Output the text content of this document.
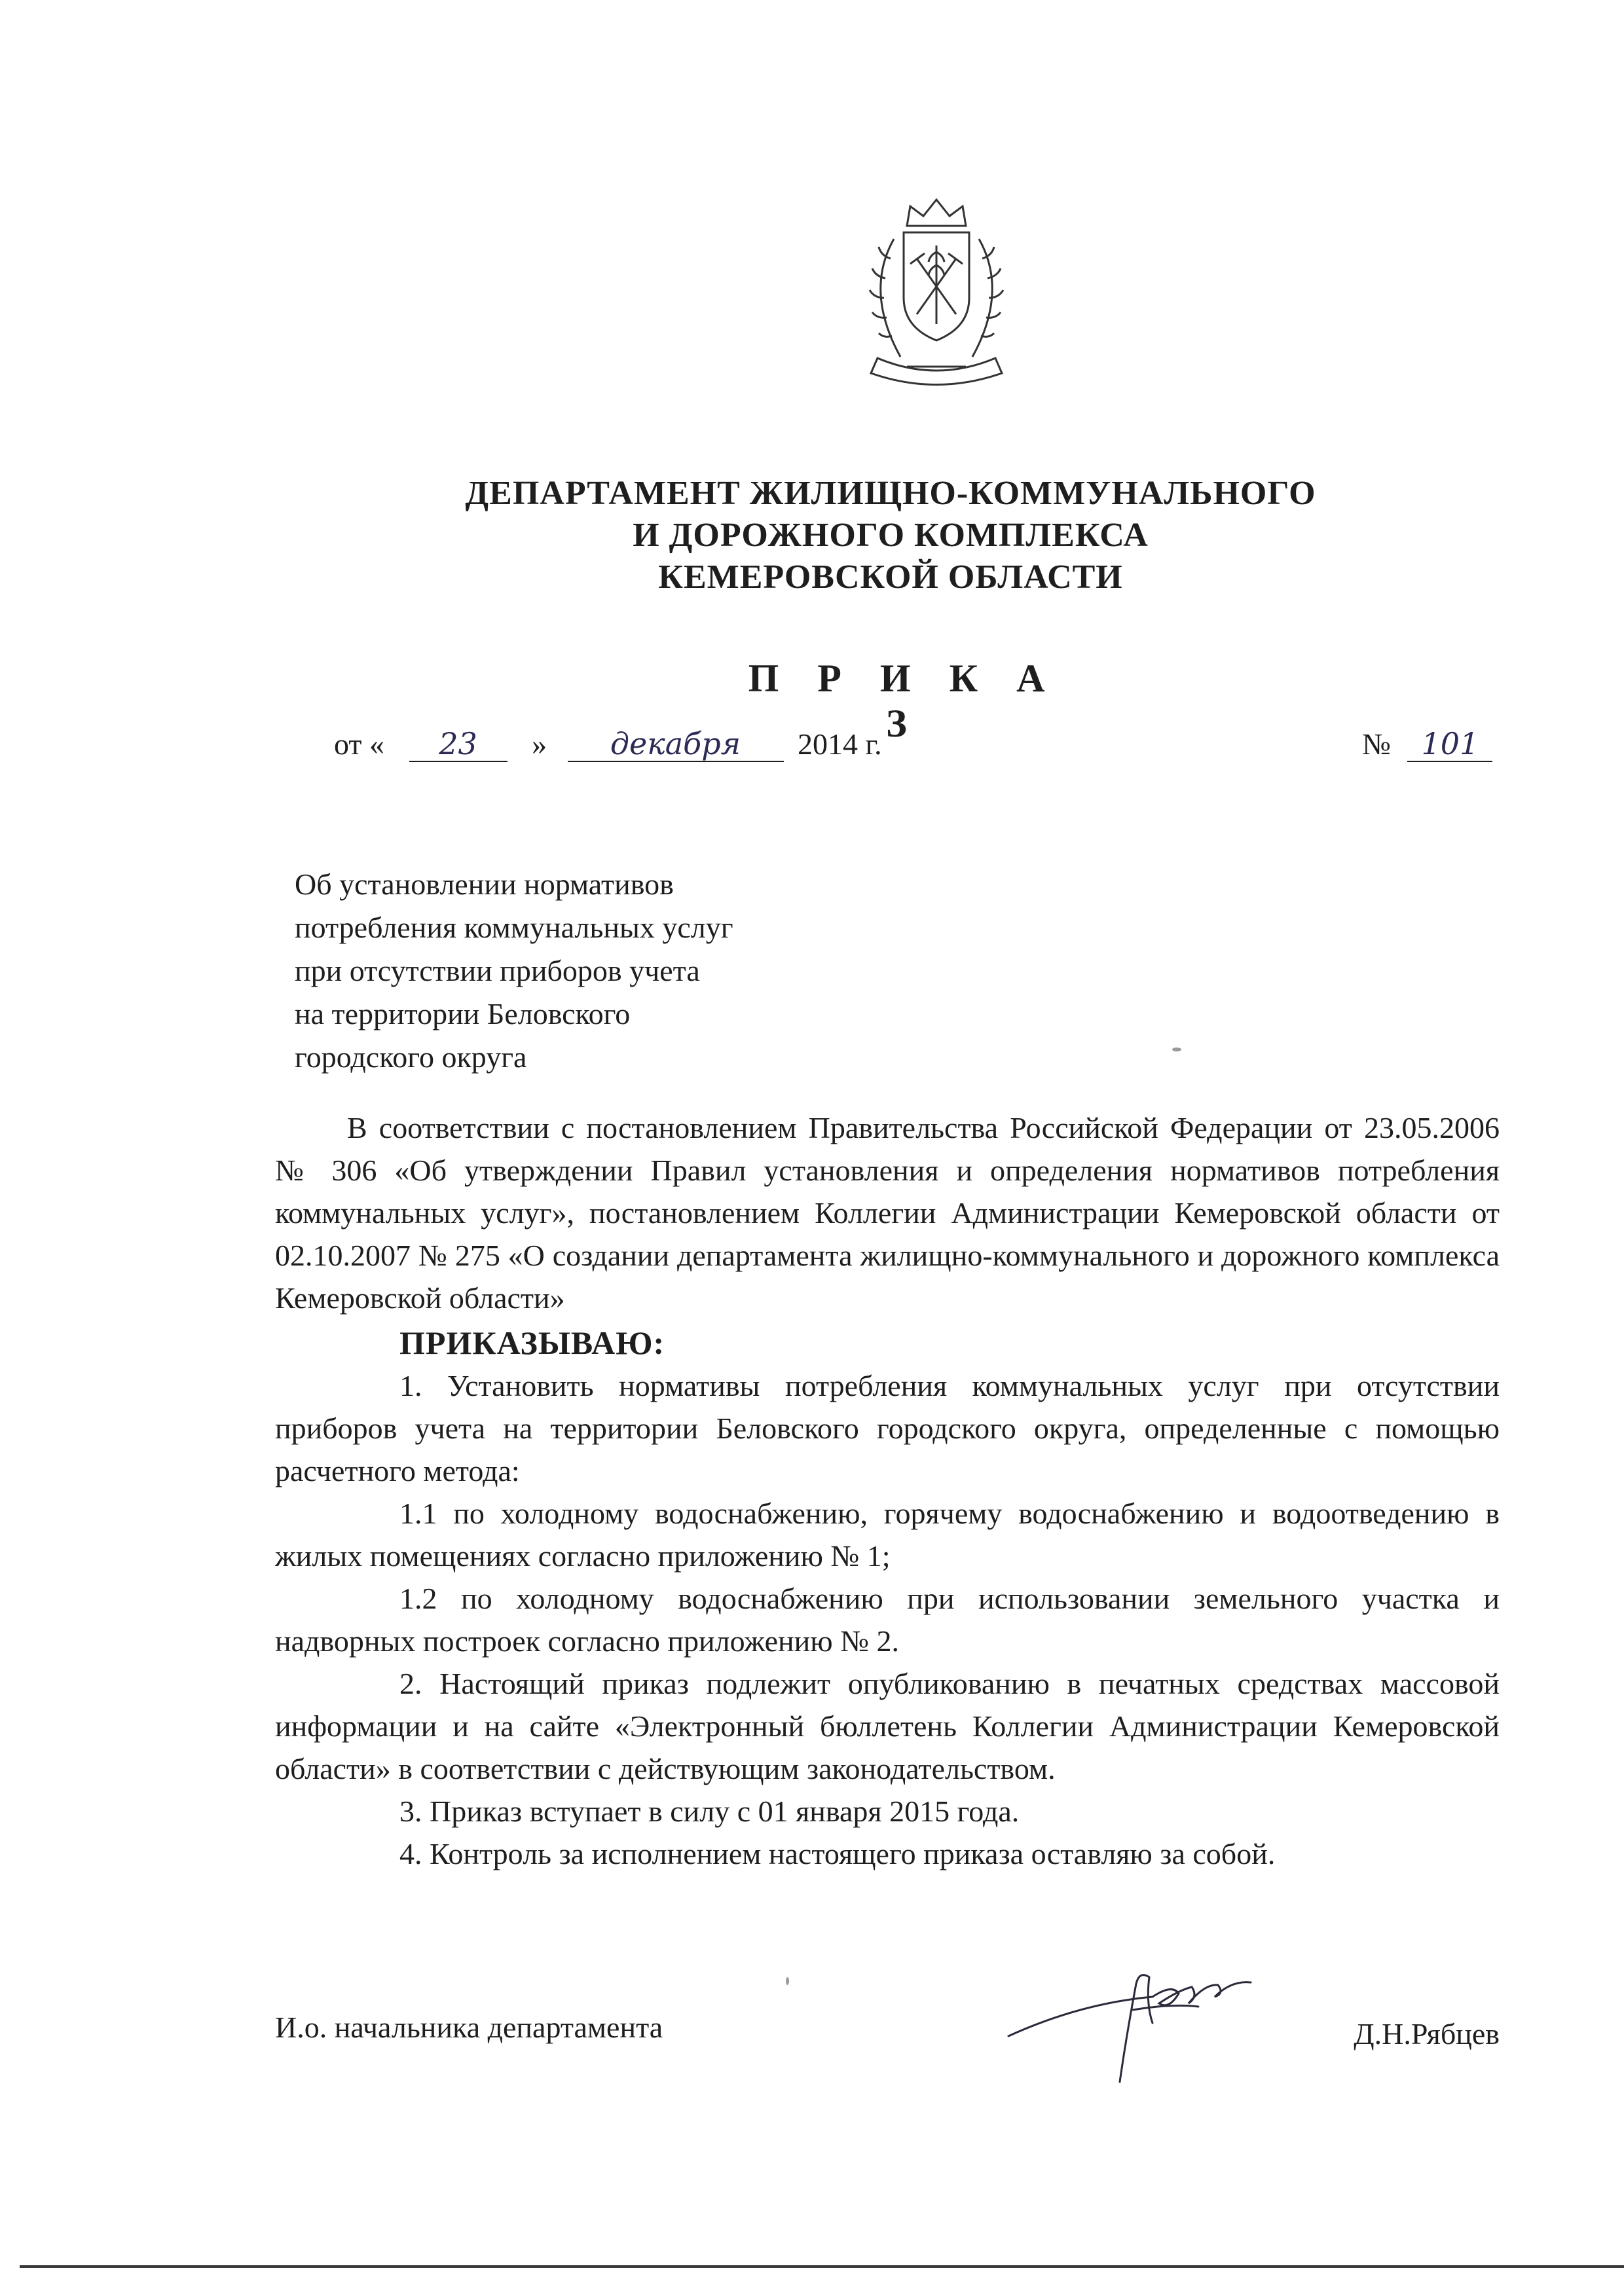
ДЕПАРТАМЕНТ ЖИЛИЩНО-КОММУНАЛЬНОГО
И ДОРОЖНОГО КОМПЛЕКСА
КЕМЕРОВСКОЙ ОБЛАСТИ
П Р И К А З
от « 23 » декабря 2014 г.	№ 101
Об установлении нормативов
потребления коммунальных услуг
при отсутствии приборов учета
на территории Беловского
городского округа

В соответствии с постановлением Правительства Российской Федерации от 23.05.2006 № 306 «Об утверждении Правил установления и определения нормативов потребления коммунальных услуг», постановлением Коллегии Администрации Кемеровской области от 02.10.2007 № 275 «О создании департамента жилищно-коммунального и дорожного комплекса Кемеровской области»

ПРИКАЗЫВАЮ:

1. Установить нормативы потребления коммунальных услуг при отсутствии приборов учета на территории Беловского городского округа, определенные с помощью расчетного метода:

1.1 по холодному водоснабжению, горячему водоснабжению и водоотведению в жилых помещениях согласно приложению № 1;

1.2 по холодному водоснабжению при использовании земельного участка и надворных построек согласно приложению № 2.

2. Настоящий приказ подлежит опубликованию в печатных средствах массовой информации и на сайте «Электронный бюллетень Коллегии Администрации Кемеровской области» в соответствии с действующим законодательством.

3. Приказ вступает в силу с 01 января 2015 года.

4. Контроль за исполнением настоящего приказа оставляю за собой.

И.о. начальника департамента	Д.Н.Рябцев
